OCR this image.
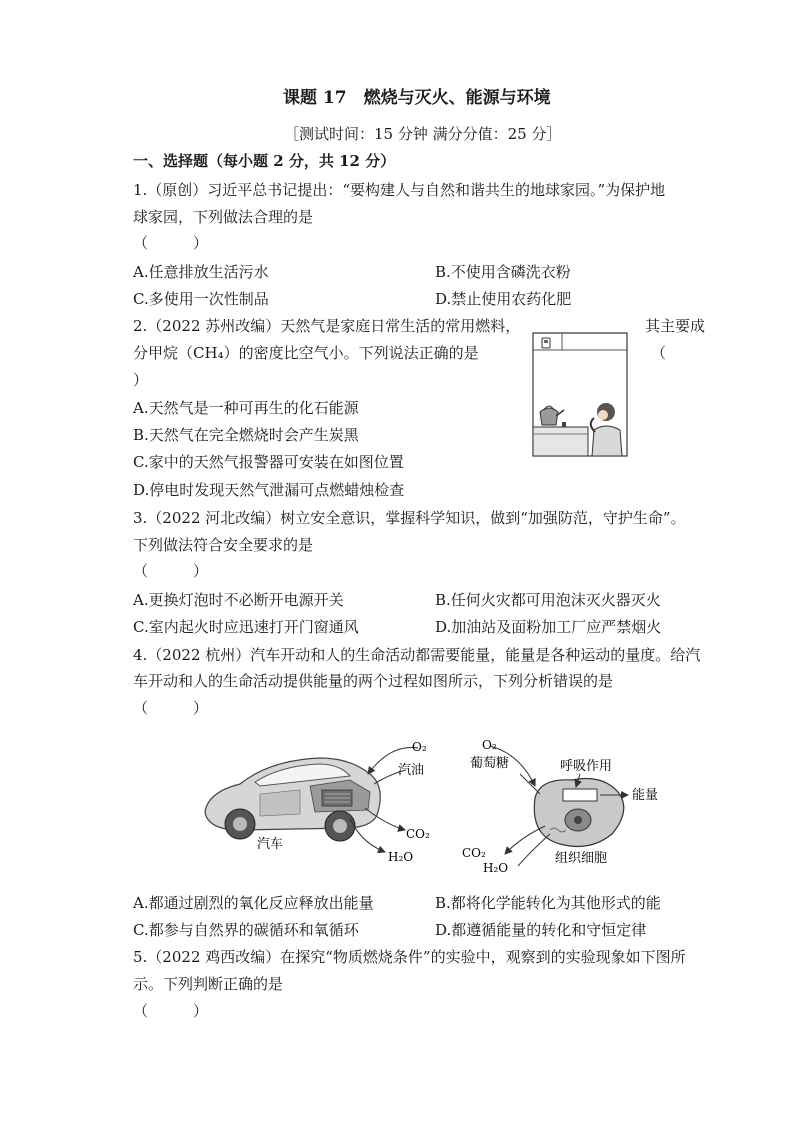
课题 17　燃烧与灭火、能源与环境
［测试时间：15 分钟 满分分值：25 分］
一、选择题（每小题 2 分，共 12 分）
1.（原创）习近平总书记提出：“要构建人与自然和谐共生的地球家园。”为保护地
球家园，下列做法合理的是
（　　　）
A.任意排放生活污水	B.不使用含磷洗衣粉
C.多使用一次性制品	D.禁止使用农药化肥
2.（2022 苏州改编）天然气是家庭日常生活的常用燃料，	其主要成
分甲烷（CH₄）的密度比空气小。下列说法正确的是	（
）
A.天然气是一种可再生的化石能源
B.天然气在完全燃烧时会产生炭黑
C.家中的天然气报警器可安装在如图位置
D.停电时发现天然气泄漏可点燃蜡烛检查
3.（2022 河北改编）树立安全意识，掌握科学知识，做到“加强防范，守护生命”。
下列做法符合安全要求的是
（　　　）
A.更换灯泡时不必断开电源开关	B.任何火灾都可用泡沫灭火器灭火
C.室内起火时应迅速打开门窗通风	D.加油站及面粉加工厂应严禁烟火
4.（2022 杭州）汽车开动和人的生命活动都需要能量，能量是各种运动的量度。给汽
车开动和人的生命活动提供能量的两个过程如图所示，下列分析错误的是
（　　　）
O₂
汽油
CO₂
H₂O
汽车
O₂
葡萄糖	呼吸作用
能量
CO₂
H₂O
组织细胞
A.都通过剧烈的氧化反应释放出能量	B.都将化学能转化为其他形式的能
C.都参与自然界的碳循环和氧循环	D.都遵循能量的转化和守恒定律
5.（2022 鸡西改编）在探究“物质燃烧条件”的实验中，观察到的实验现象如下图所
示。下列判断正确的是
（　　　）
